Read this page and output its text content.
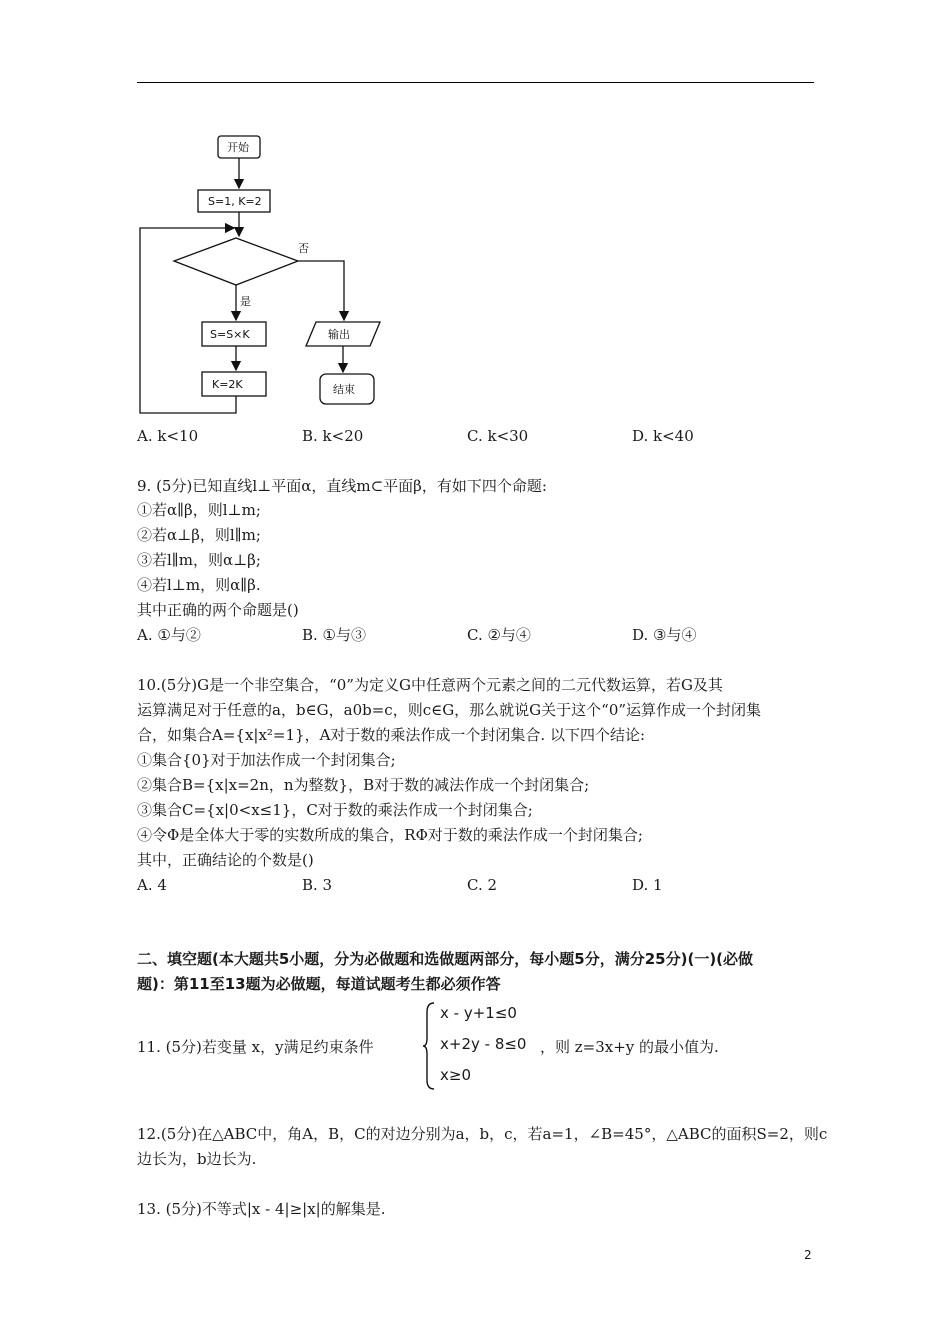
开始
S=1, K=2
否
是
S=S×K
K=2K
输出
结束
A. k<10	B. k<20	C. k<30	D. k<40
9. (5分)已知直线l⊥平面α，直线m⊂平面β，有如下四个命题:
①若α∥β，则l⊥m;
②若α⊥β，则l∥m;
③若l∥m，则α⊥β;
④若l⊥m，则α∥β.
其中正确的两个命题是()
A. ①与②	B. ①与③	C. ②与④	D. ③与④
10.(5分)G是一个非空集合，“0”为定义G中任意两个元素之间的二元代数运算，若G及其
运算满足对于任意的a，b∈G，a0b=c，则c∈G，那么就说G关于这个“0”运算作成一个封闭集
合，如集合A={x|x²=1}，A对于数的乘法作成一个封闭集合. 以下四个结论:
①集合{0}对于加法作成一个封闭集合;
②集合B={x|x=2n，n为整数}，B对于数的减法作成一个封闭集合;
③集合C={x|0<x≤1}，C对于数的乘法作成一个封闭集合;
④令Φ是全体大于零的实数所成的集合，RΦ对于数的乘法作成一个封闭集合;
其中，正确结论的个数是()
A. 4	B. 3	C. 2	D. 1
二、填空题(本大题共5小题，分为必做题和选做题两部分，每小题5分，满分25分)(一)(必做
题)：第11至13题为必做题，每道试题考生都必须作答
11. (5分)若变量 x，y满足约束条件
x - y+1≤0
x+2y - 8≤0
x≥0
，则 z=3x+y 的最小值为.
12.(5分)在△ABC中，角A，B，C的对边分别为a，b，c，若a=1，∠B=45°，△ABC的面积S=2，则c
边长为，b边长为.
13. (5分)不等式|x - 4|≥|x|的解集是.
2
